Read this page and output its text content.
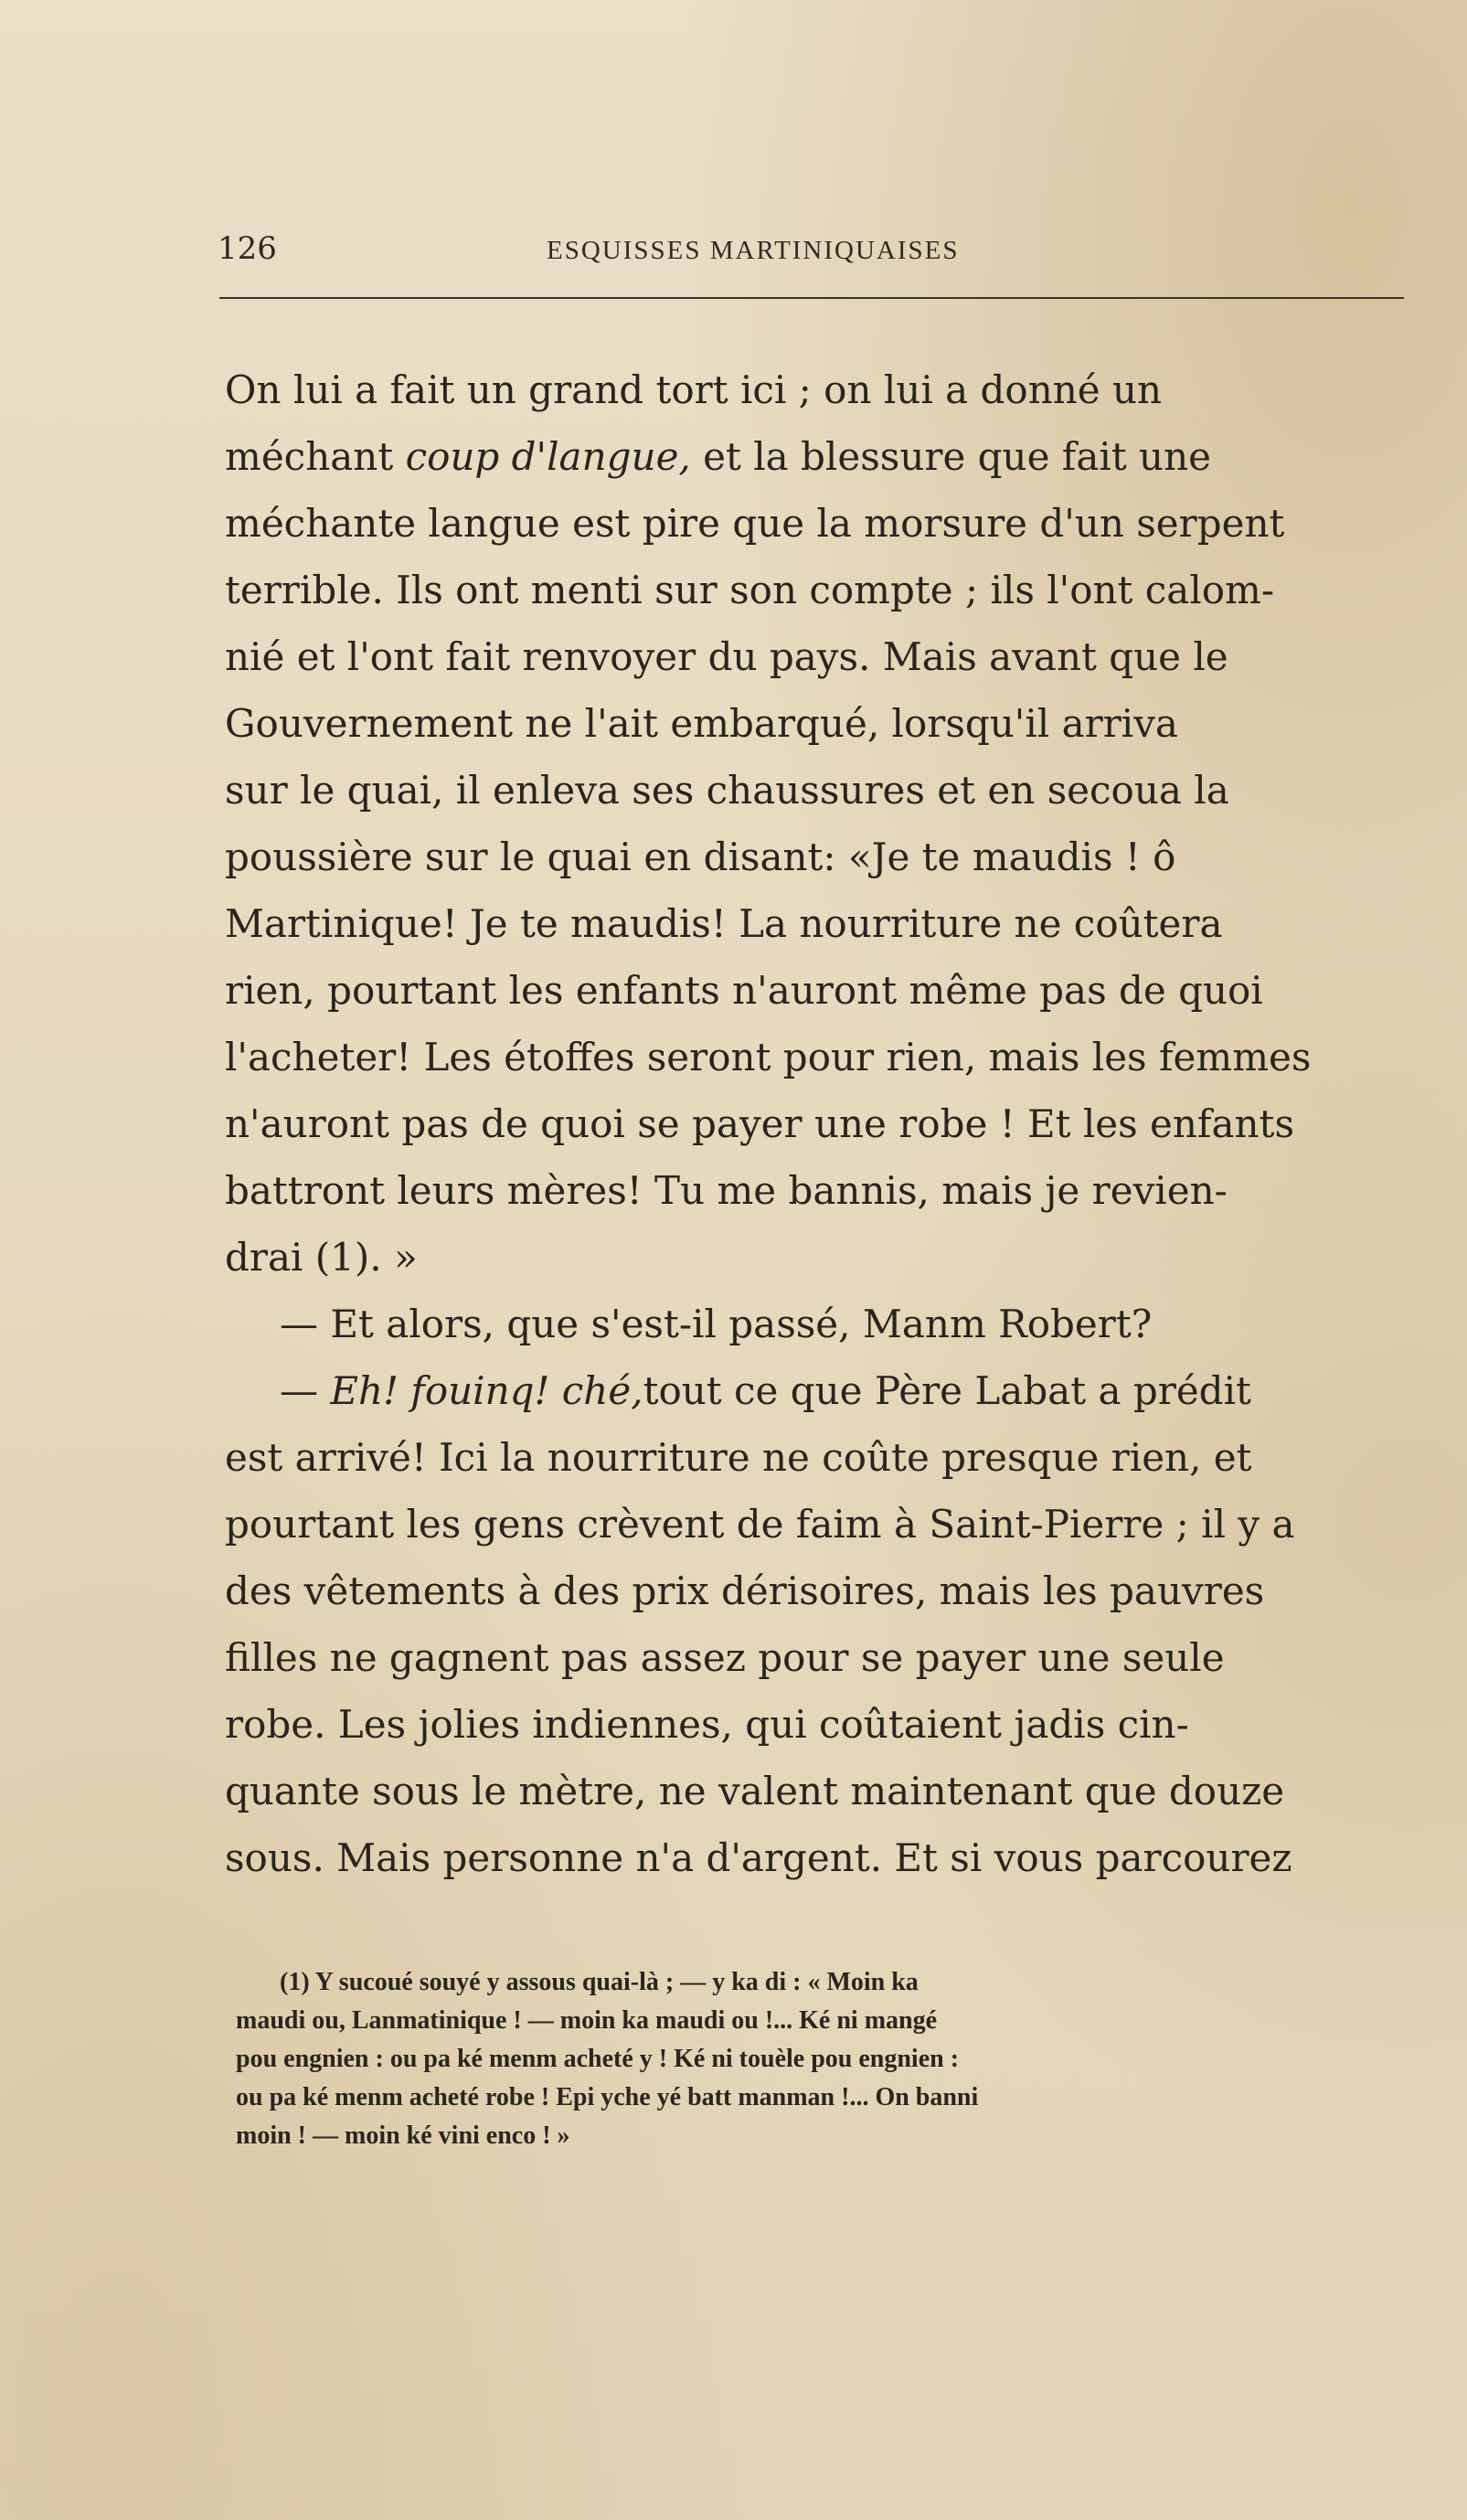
126	ESQUISSES MARTINIQUAISES
On lui a fait un grand tort ici ; on lui a donné un
méchant coup d'langue, et la blessure que fait une
méchante langue est pire que la morsure d'un serpent
terrible. Ils ont menti sur son compte ; ils l'ont calom-
nié et l'ont fait renvoyer du pays. Mais avant que le
Gouvernement ne l'ait embarqué, lorsqu'il arriva
sur le quai, il enleva ses chaussures et en secoua la
poussière sur le quai en disant: «Je te maudis ! ô
Martinique! Je te maudis! La nourriture ne coûtera
rien, pourtant les enfants n'auront même pas de quoi
l'acheter! Les étoffes seront pour rien, mais les femmes
n'auront pas de quoi se payer une robe ! Et les enfants
battront leurs mères! Tu me bannis, mais je revien-
drai (1). »
— Et alors, que s'est-il passé, Manm Robert?
— Eh! fouinq! ché,tout ce que Père Labat a prédit
est arrivé! Ici la nourriture ne coûte presque rien, et
pourtant les gens crèvent de faim à Saint-Pierre ; il y a
des vêtements à des prix dérisoires, mais les pauvres
filles ne gagnent pas assez pour se payer une seule
robe. Les jolies indiennes, qui coûtaient jadis cin-
quante sous le mètre, ne valent maintenant que douze
sous. Mais personne n'a d'argent. Et si vous parcourez
(1) Y sucoué souyé y assous quai-là ; — y ka di : « Moin ka
maudi ou, Lanmatinique ! — moin ka maudi ou !... Ké ni mangé
pou engnien : ou pa ké menm acheté y ! Ké ni touèle pou engnien :
ou pa ké menm acheté robe ! Epi yche yé batt manman !... On banni
moin ! — moin ké vini enco ! »
